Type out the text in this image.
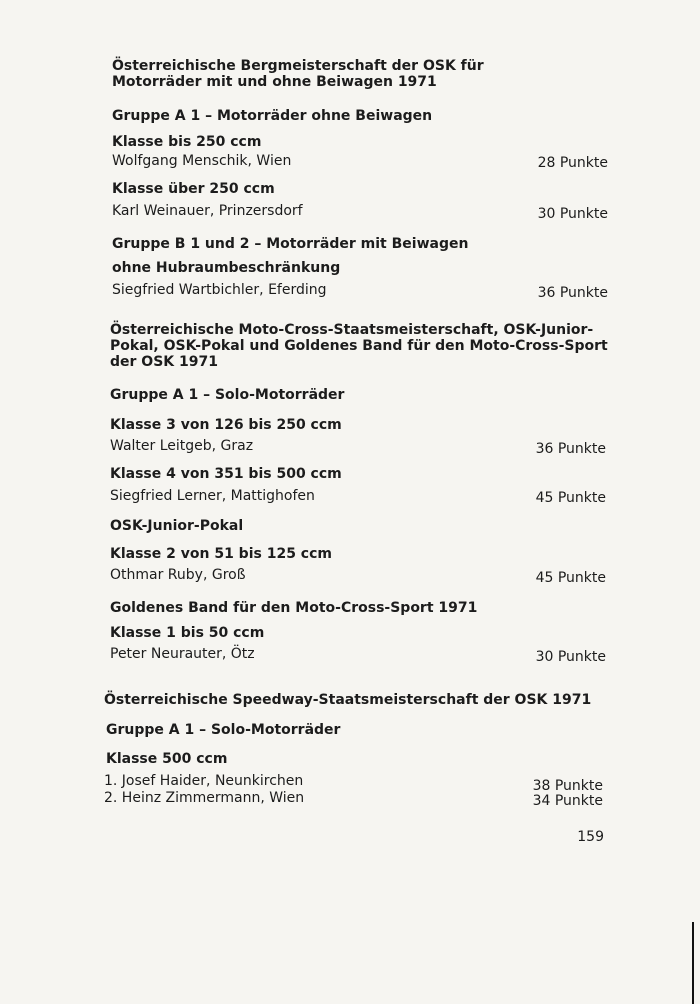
Österreichische Bergmeisterschaft der OSK für
Motorräder mit und ohne Beiwagen 1971
Gruppe A 1 – Motorräder ohne Beiwagen
Klasse bis 250 ccm
Wolfgang Menschik, Wien	28 Punkte
Klasse über 250 ccm
Karl Weinauer, Prinzersdorf	30 Punkte
Gruppe B 1 und 2 – Motorräder mit Beiwagen
ohne Hubraumbeschränkung
Siegfried Wartbichler, Eferding	36 Punkte
Österreichische Moto-Cross-Staatsmeisterschaft, OSK-Junior-
Pokal, OSK-Pokal und Goldenes Band für den Moto-Cross-Sport
der OSK 1971
Gruppe A 1 – Solo-Motorräder
Klasse 3 von 126 bis 250 ccm
Walter Leitgeb, Graz	36 Punkte
Klasse 4 von 351 bis 500 ccm
Siegfried Lerner, Mattighofen	45 Punkte
OSK-Junior-Pokal
Klasse 2 von 51 bis 125 ccm
Othmar Ruby, Groß	45 Punkte
Goldenes Band für den Moto-Cross-Sport 1971
Klasse 1 bis 50 ccm
Peter Neurauter, Ötz	30 Punkte
Österreichische Speedway-Staatsmeisterschaft der OSK 1971
Gruppe A 1 – Solo-Motorräder
Klasse 500 ccm
1. Josef Haider, Neunkirchen	38 Punkte
2. Heinz Zimmermann, Wien	34 Punkte
159
